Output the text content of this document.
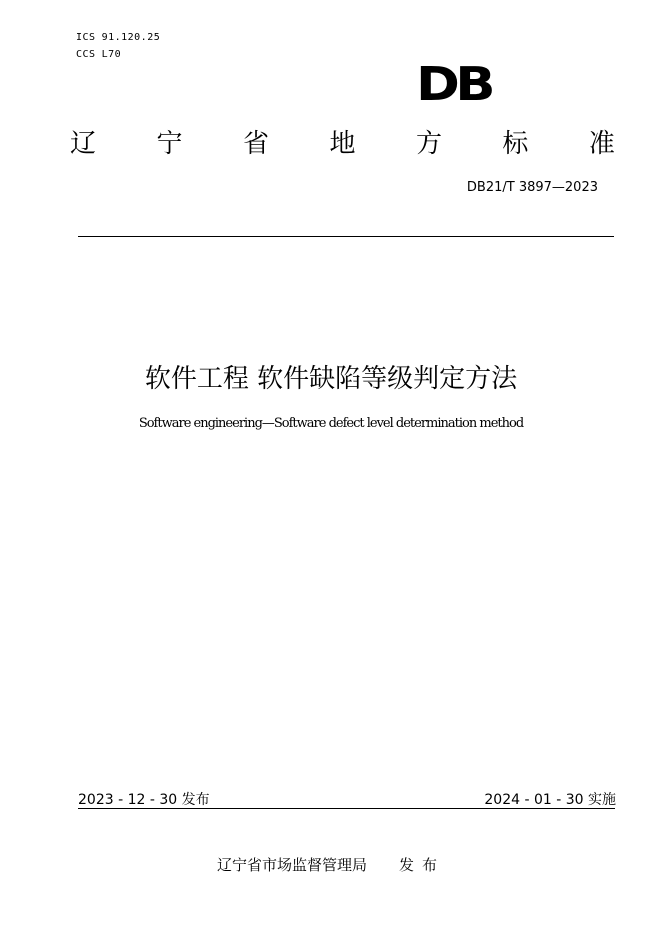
ICS 91.120.25
CCS L70
DB
辽 宁 省 地 方 标 准
DB21/T 3897—2023
软件工程 软件缺陷等级判定方法
Software engineering—Software defect level determination method
2023 - 12 - 30 发布	2024 - 01 - 30 实施
辽宁省市场监督管理局 发布
